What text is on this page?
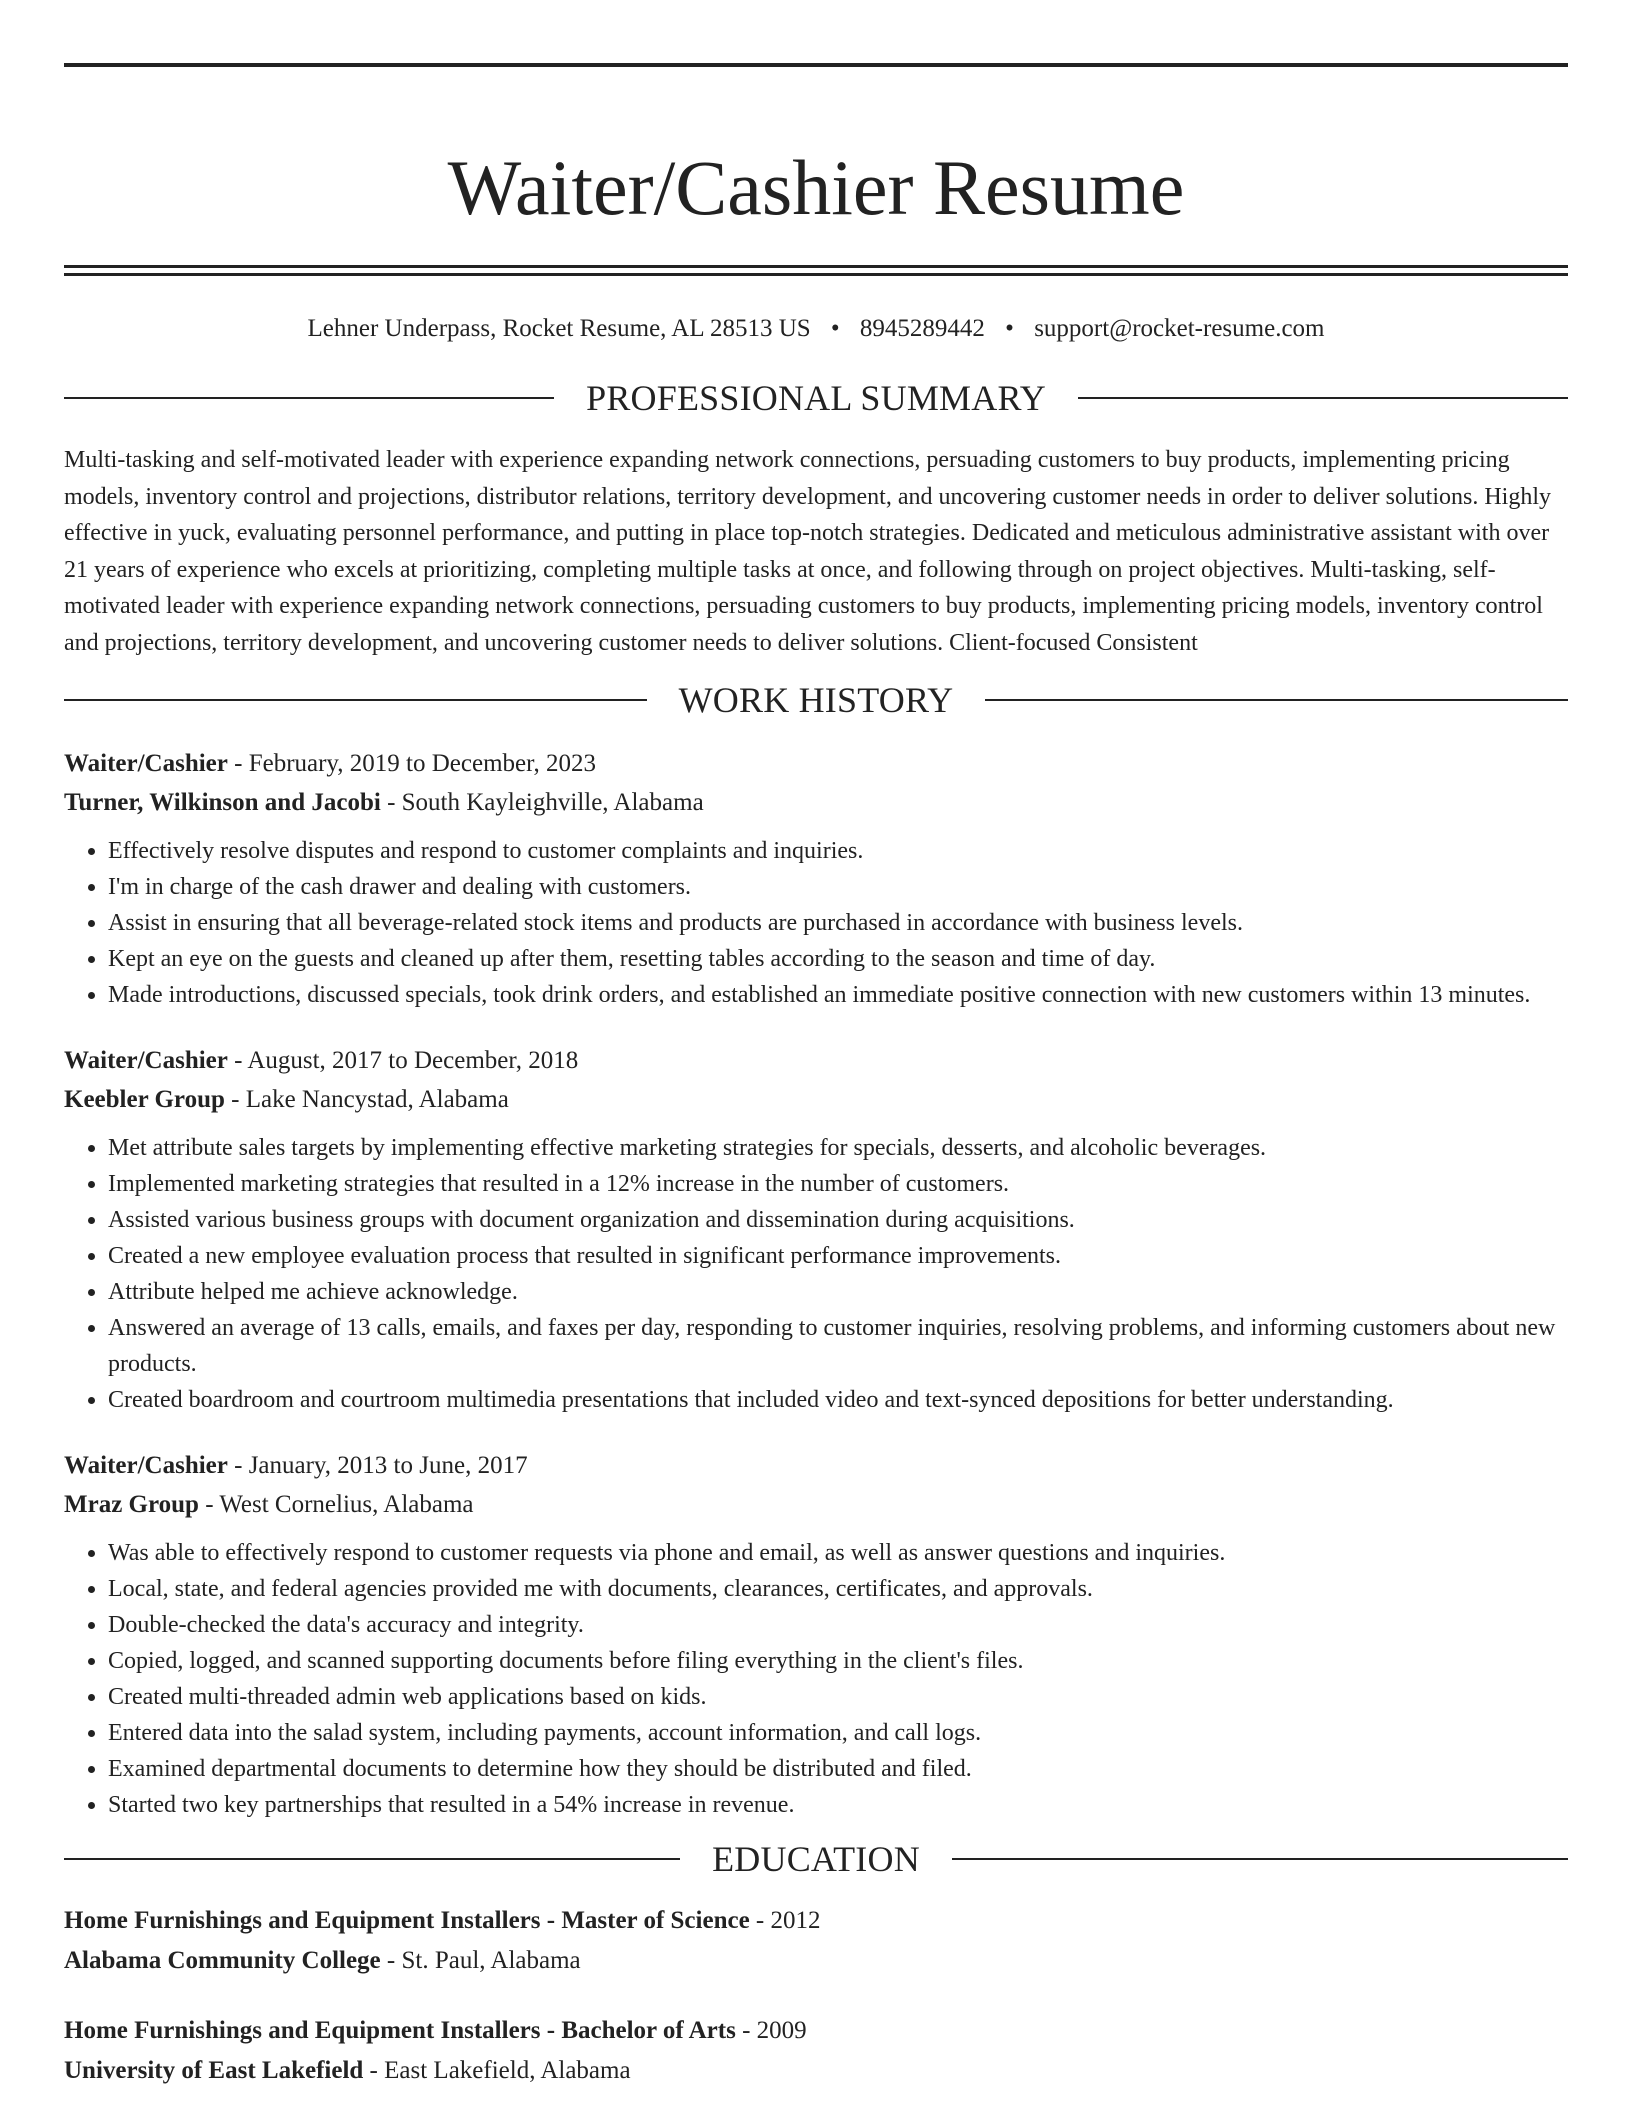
Waiter/Cashier Resume
Lehner Underpass, Rocket Resume, AL 28513 US • 8945289442 • support@rocket-resume.com
PROFESSIONAL SUMMARY
Multi-tasking and self-motivated leader with experience expanding network connections, persuading customers to buy products, implementing pricing models, inventory control and projections, distributor relations, territory development, and uncovering customer needs in order to deliver solutions. Highly effective in yuck, evaluating personnel performance, and putting in place top-notch strategies. Dedicated and meticulous administrative assistant with over 21 years of experience who excels at prioritizing, completing multiple tasks at once, and following through on project objectives. Multi-tasking, self-motivated leader with experience expanding network connections, persuading customers to buy products, implementing pricing models, inventory control and projections, territory development, and uncovering customer needs to deliver solutions. Client-focused Consistent
WORK HISTORY
Waiter/Cashier - February, 2019 to December, 2023
Turner, Wilkinson and Jacobi - South Kayleighville, Alabama
• Effectively resolve disputes and respond to customer complaints and inquiries.
• I'm in charge of the cash drawer and dealing with customers.
• Assist in ensuring that all beverage-related stock items and products are purchased in accordance with business levels.
• Kept an eye on the guests and cleaned up after them, resetting tables according to the season and time of day.
• Made introductions, discussed specials, took drink orders, and established an immediate positive connection with new customers within 13 minutes.
Waiter/Cashier - August, 2017 to December, 2018
Keebler Group - Lake Nancystad, Alabama
• Met attribute sales targets by implementing effective marketing strategies for specials, desserts, and alcoholic beverages.
• Implemented marketing strategies that resulted in a 12% increase in the number of customers.
• Assisted various business groups with document organization and dissemination during acquisitions.
• Created a new employee evaluation process that resulted in significant performance improvements.
• Attribute helped me achieve acknowledge.
• Answered an average of 13 calls, emails, and faxes per day, responding to customer inquiries, resolving problems, and informing customers about new products.
• Created boardroom and courtroom multimedia presentations that included video and text-synced depositions for better understanding.
Waiter/Cashier - January, 2013 to June, 2017
Mraz Group - West Cornelius, Alabama
• Was able to effectively respond to customer requests via phone and email, as well as answer questions and inquiries.
• Local, state, and federal agencies provided me with documents, clearances, certificates, and approvals.
• Double-checked the data's accuracy and integrity.
• Copied, logged, and scanned supporting documents before filing everything in the client's files.
• Created multi-threaded admin web applications based on kids.
• Entered data into the salad system, including payments, account information, and call logs.
• Examined departmental documents to determine how they should be distributed and filed.
• Started two key partnerships that resulted in a 54% increase in revenue.
EDUCATION
Home Furnishings and Equipment Installers - Master of Science - 2012
Alabama Community College - St. Paul, Alabama
Home Furnishings and Equipment Installers - Bachelor of Arts - 2009
University of East Lakefield - East Lakefield, Alabama
